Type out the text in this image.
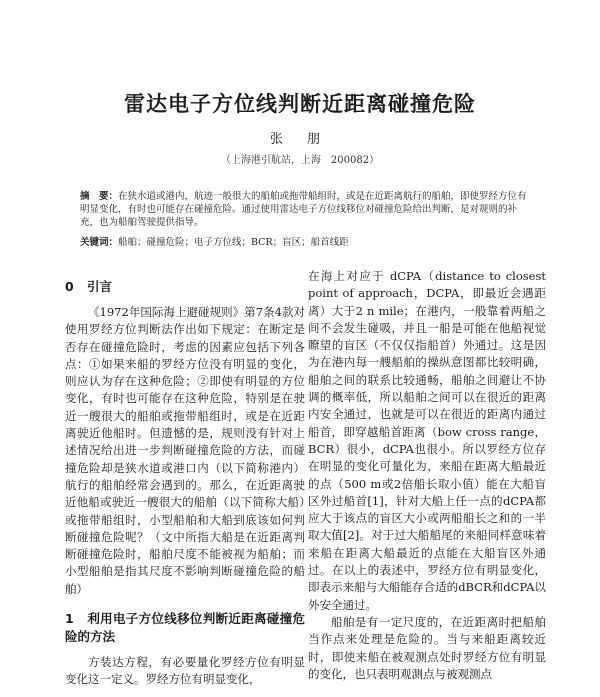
雷达电子方位线判断近距离碰撞危险
张 朋
（上海港引航站，上海　200082）
摘　要：在狭水道或港内，航迹一般很大的船舶或拖带船组时，或是在近距离航行的船舶，即使罗经方位有明显变化，有时也可能存在碰撞危险。通过使用雷达电子方位线移位对碰撞危险给出判断，是对规则的补充，也为船舶驾驶提供指导。
关键词：船舶；碰撞危险；电子方位线；BCR；盲区；船首线距
0 引言

《1972年国际海上避碰规则》第7条4款对使用罗经方位判断法作出如下规定：在断定是否存在碰撞危险时，考虑的因素应包括下列各点：①如果来船的罗经方位没有明显的变化，则应认为存在这种危险；②即使有明显的方位变化，有时也可能存在这种危险，特别是在驶近一艘很大的船舶或拖带船组时，或是在近距离驶近他船时。但遗憾的是，规则没有针对上述情况给出进一步判断碰撞危险的方法，而碰撞危险却是狭水道或港口内（以下简称港内）航行的船舶经常会遇到的。那么，在近距离驶近他船或驶近一艘很大的船舶（以下简称大船）或拖带船组时，小型船舶和大船到底该如何判断碰撞危险呢？（文中所指大船是在近距离判断碰撞危险时，船舶尺度不能被视为船舶；而小型船舶是指其尺度不影响判断碰撞危险的船舶）

1 利用电子方位线移位判断近距离碰撞危险的方法

方装达方程，有必要量化罗经方位有明显变化这一定义。罗经方位有明显变化，

在海上对应于 dCPA（distance to closest point of approach，DCPA，即最近会遇距离）大于2 n mile；在港内，一般靠着两船之间不会发生碰吸，并且一船是可能在他船视觉瞭望的盲区（不仅仅指船首）外通过。这是因为在港内每一艘船舶的操纵意图都比较明确，船舶之间的联系比较通畅，船舶之间避让不协调的概率低，所以船舶之间可以在很近的距离内安全通过，也就是可以在很近的距离内通过船首，即穿越船首距离（bow cross range，BCR）很小，dCPA也很小。所以罗经方位存在明显的变化可量化为，来船在距离大船最近的点（500 m或2倍船长取小值）能在大船盲区外过船首[1]，针对大船上任一点的dCPA都应大于该点的盲区大小或两船船长之和的一半取大值[2]。对于过大船船尾的来船同样意味着来船在距离大船最近的点能在大船盲区外通过。在以上的表述中，罗经方位有明显变化，即表示来船与大船能存合适的dBCR和dCPA以外安全通过。

船舶是有一定尺度的，在近距离时把船舶当作点来处理是危险的。当与来船距离较近时，即使来船在被观测点处时罗经方位有明显的变化，也只表明观测点与被观测点
